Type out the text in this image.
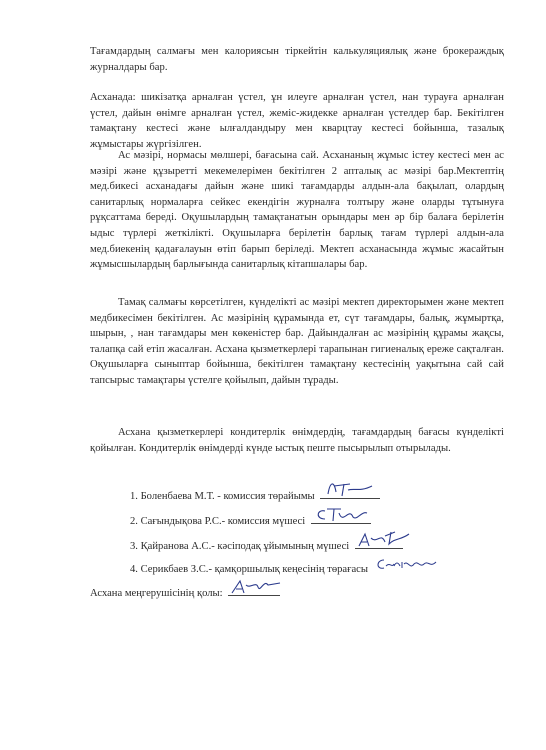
Тағамдардың салмағы мен калориясын тіркейтін калькуляциялық және брокераждық журналдары бар.

Асханада: шикізатқа арналған үстел, ұн илеуге арналған үстел, нан турауға арналған үстел, дайын өнімге арналған үстел, жеміс-жидекке арналған үстелдер бар. Бекітілген тамақтану кестесі және ылғалдандыру мен кварцтау кестесі бойынша, тазалық жұмыстары жүргізілген.

Ас мәзірі, нормасы мөлшері, бағасына сай. Асхананың жұмыс істеу кестесі мен ас мәзірі және құзыретті мекемелерімен бекітілген 2 апталық ас мәзірі бар.Мектептің мед.бикесі асханадағы дайын және шикі тағамдарды алдын-ала бақылап, олардың санитарлық нормаларға сейкес екендігін журналға толтыру және оларды тұтынуға рұқсаттама береді. Оқушылардың тамақтанатын орындары мен әр бір балаға берілетін ыдыс түрлері жеткілікті. Оқушыларға берілетін барлық тағам түрлері алдын-ала мед.биекенің қадағалауын өтіп барып беріледі. Мектеп асханасында жұмыс жасайтын жұмысшылардың барлығында санитарлық кітапшалары бар.

Тамақ салмағы көрсетілген, күнделікті ас мәзірі мектеп директорымен және мектеп медбикесімен бекітілген. Ас мәзірінің құрамында ет, сүт тағамдары, балық, жұмыртқа, шырын, , нан тағамдары мен көкеністер бар. Дайындалған ас мәзірінің құрамы жақсы, талапқа сай етіп жасалған. Асхана қызметкерлері тарапынан гигиеналық ереже сақталған. Оқушыларға сыныптар бойынша, бекітілген тамақтану кестесінің уақытына сай сай тапсырыс тамақтары үстелге қойылып, дайын тұрады.

Асхана қызметкерлері кондитерлік өнімдердің, тағамдардың бағасы күнделікті қойылған. Кондитерлік өнімдерді күнде ыстық пеште пысырылып отырылады.

1. Боленбаева М.Т. - комиссия төрайымы
2. Сағындықова Р.С.- комиссия мүшесі
3. Қайранова А.С.- кәсіподақ ұйымының мүшесі
4. Серикбаев З.С.- қамқоршылық кеңесінің төрағасы
Асхана меңгерушісінің қолы:
